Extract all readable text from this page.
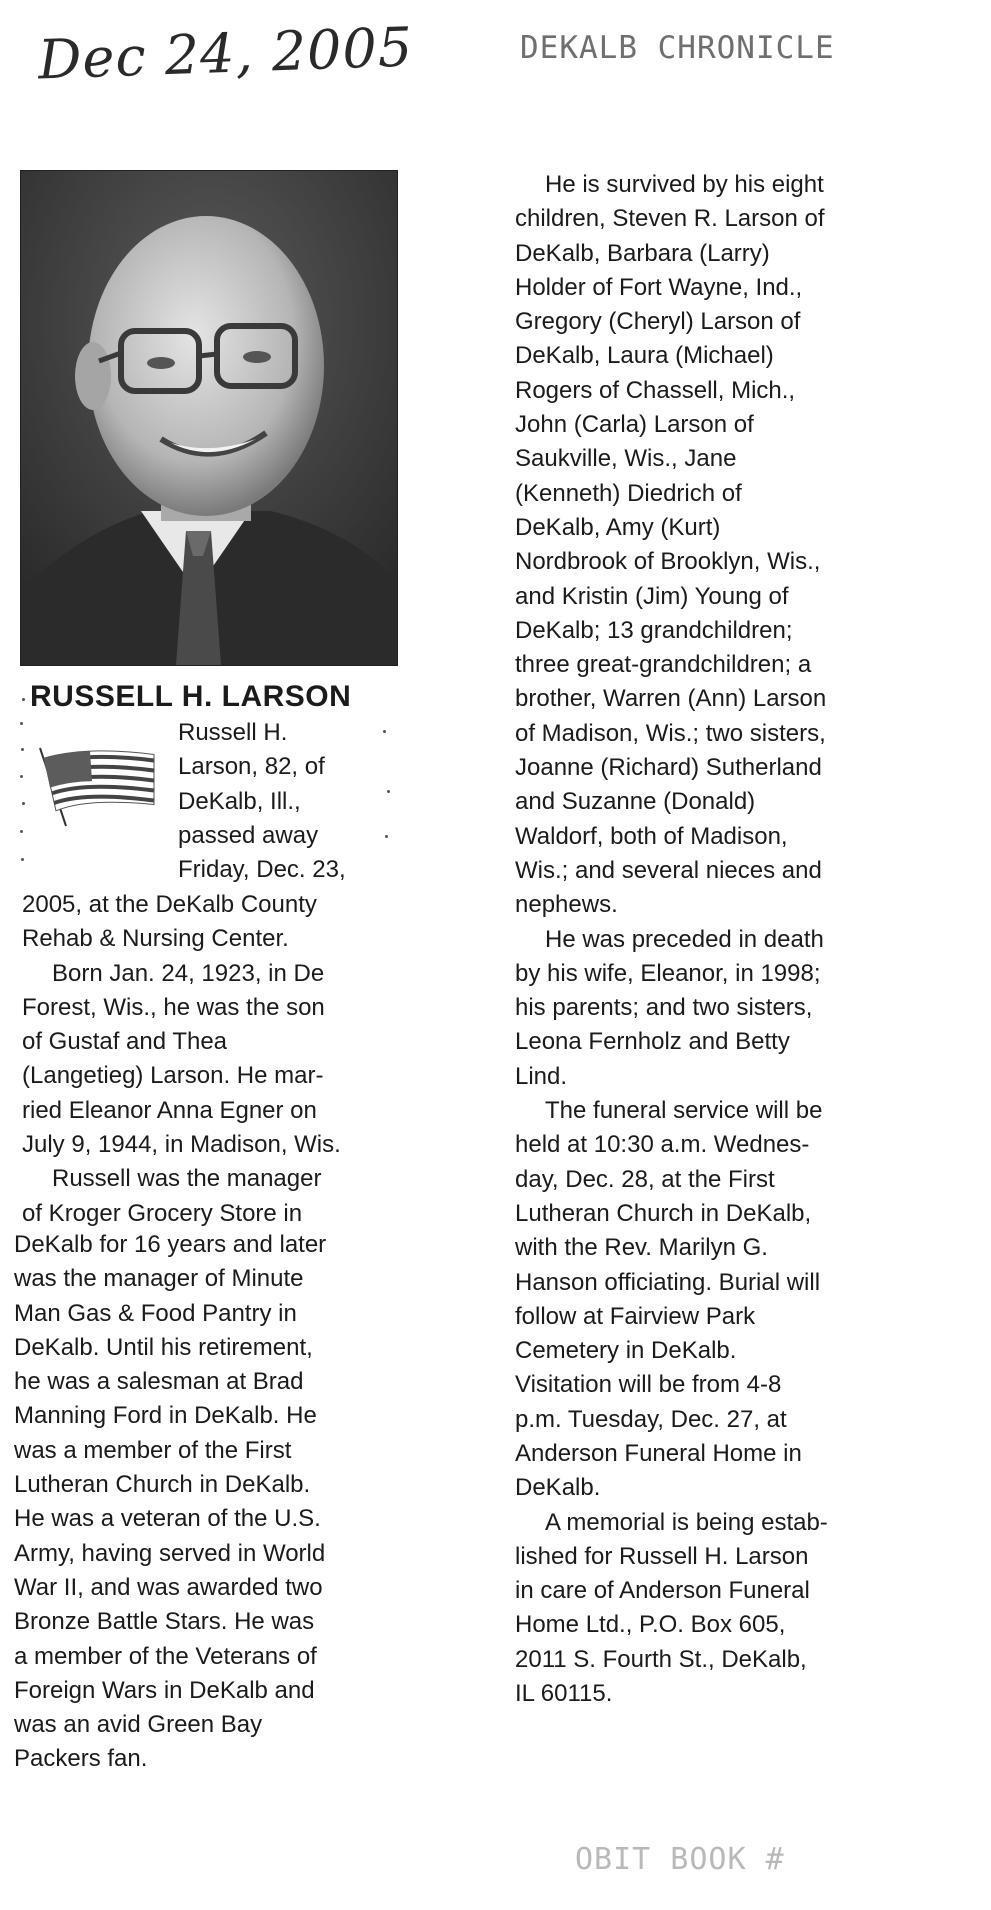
Dec 24, 2005	DEKALB CHRONICLE
RUSSELL H. LARSON

Russell H.

Larson, 82, of

DeKalb, Ill.,

passed away

Friday, Dec. 23,

2005, at the DeKalb County

Rehab & Nursing Center.

Born Jan. 24, 1923, in De

Forest, Wis., he was the son

of Gustaf and Thea

(Langetieg) Larson. He mar-

ried Eleanor Anna Egner on

July 9, 1944, in Madison, Wis.

Russell was the manager

of Kroger Grocery Store in

DeKalb for 16 years and later

was the manager of Minute

Man Gas & Food Pantry in

DeKalb. Until his retirement,

he was a salesman at Brad

Manning Ford in DeKalb. He

was a member of the First

Lutheran Church in DeKalb.

He was a veteran of the U.S.

Army, having served in World

War II, and was awarded two

Bronze Battle Stars. He was

a member of the Veterans of

Foreign Wars in DeKalb and

was an avid Green Bay

Packers fan.

He is survived by his eight

children, Steven R. Larson of

DeKalb, Barbara (Larry)

Holder of Fort Wayne, Ind.,

Gregory (Cheryl) Larson of

DeKalb, Laura (Michael)

Rogers of Chassell, Mich.,

John (Carla) Larson of

Saukville, Wis., Jane

(Kenneth) Diedrich of

DeKalb, Amy (Kurt)

Nordbrook of Brooklyn, Wis.,

and Kristin (Jim) Young of

DeKalb; 13 grandchildren;

three great-grandchildren; a

brother, Warren (Ann) Larson

of Madison, Wis.; two sisters,

Joanne (Richard) Sutherland

and Suzanne (Donald)

Waldorf, both of Madison,

Wis.; and several nieces and

nephews.

He was preceded in death

by his wife, Eleanor, in 1998;

his parents; and two sisters,

Leona Fernholz and Betty

Lind.

The funeral service will be

held at 10:30 a.m. Wednes-

day, Dec. 28, at the First

Lutheran Church in DeKalb,

with the Rev. Marilyn G.

Hanson officiating. Burial will

follow at Fairview Park

Cemetery in DeKalb.

Visitation will be from 4-8

p.m. Tuesday, Dec. 27, at

Anderson Funeral Home in

DeKalb.

A memorial is being estab-

lished for Russell H. Larson

in care of Anderson Funeral

Home Ltd., P.O. Box 605,

2011 S. Fourth St., DeKalb,

IL 60115.

OBIT BOOK #
